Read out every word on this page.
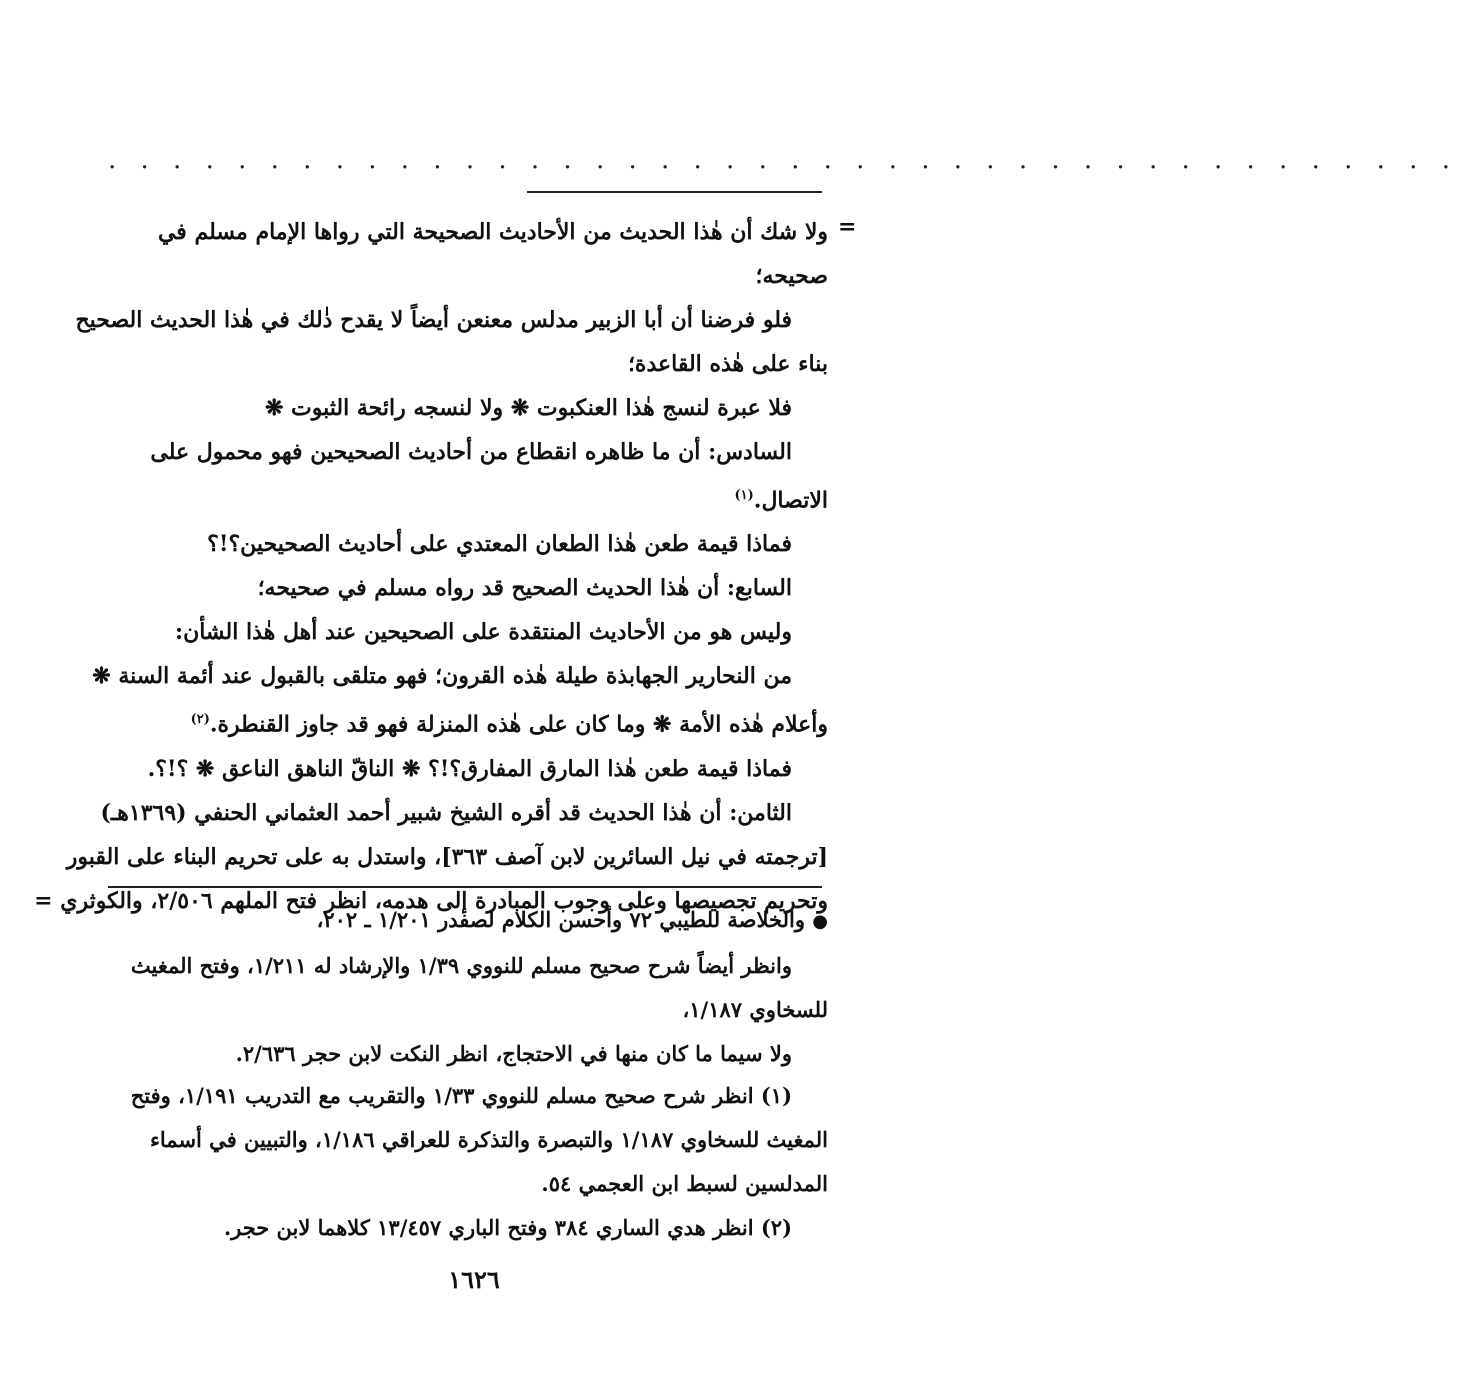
. . . . . . . . . . . . . . . . . . . . . . . . . . . . . . . . . . . . . . . . . .
=
ولا شك أن هٰذا الحديث من الأحاديث الصحيحة التي رواها الإمام مسلم في
صحيحه؛
فلو فرضنا أن أبا الزبير مدلس معنعن أيضاً لا يقدح ذٰلك في هٰذا الحديث الصحيح
بناء على هٰذه القاعدة؛
فلا عبرة لنسج هٰذا العنكبوت ❋ ولا لنسجه رائحة الثبوت ❋
السادس: أن ما ظاهره انقطاع من أحاديث الصحيحين فهو محمول على
الاتصال.$^{(١)}$
فماذا قيمة طعن هٰذا الطعان المعتدي على أحاديث الصحيحين؟!؟
السابع: أن هٰذا الحديث الصحيح قد رواه مسلم في صحيحه؛
وليس هو من الأحاديث المنتقدة على الصحيحين عند أهل هٰذا الشأن:
من النحارير الجهابذة طيلة هٰذه القرون؛ فهو متلقى بالقبول عند أئمة السنة ❋
وأعلام هٰذه الأمة ❋ وما كان على هٰذه المنزلة فهو قد جاوز القنطرة.$^{(٢)}$
فماذا قيمة طعن هٰذا المارق المفارق؟!؟ ❋ الناقّ الناهق الناعق ❋ ؟!؟.
الثامن: أن هٰذا الحديث قد أقره الشيخ شبير أحمد العثماني الحنفي (١٣٦٩هـ)
[ترجمته في نيل السائرين لابن آصف ٣٦٣]، واستدل به على تحريم البناء على القبور
وتحريم تجصيصها وعلى وجوب المبادرة إلى هدمه، انظر فتح الملهم ٢/٥٠٦، والكوثري =
● والخلاصة للطيبي ٧٢ وأحسن الكلام لصفدر ١/٢٠١ ـ ٢٠٢،
وانظر أيضاً شرح صحيح مسلم للنووي ١/٣٩ والإرشاد له ١/٢١١، وفتح المغيث
للسخاوي ١/١٨٧،
ولا سيما ما كان منها في الاحتجاج، انظر النكت لابن حجر ٢/٦٣٦.
(١) انظر شرح صحيح مسلم للنووي ١/٣٣ والتقريب مع التدريب ١/١٩١، وفتح
المغيث للسخاوي ١/١٨٧ والتبصرة والتذكرة للعراقي ١/١٨٦، والتبيين في أسماء
المدلسين لسبط ابن العجمي ٥٤.
(٢) انظر هدي الساري ٣٨٤ وفتح الباري ١٣/٤٥٧ كلاهما لابن حجر.
١٦٢٦
